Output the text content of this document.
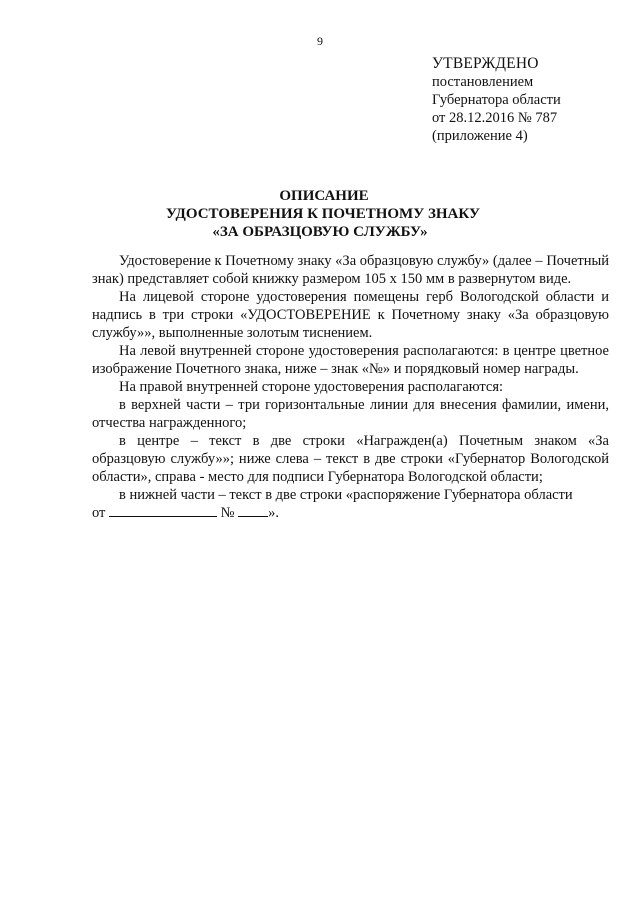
9
УТВЕРЖДЕНО
постановлением
Губернатора области
от 28.12.2016 № 787
(приложение 4)
ОПИСАНИЕ
УДОСТОВЕРЕНИЯ К ПОЧЕТНОМУ ЗНАКУ
«ЗА ОБРАЗЦОВУЮ СЛУЖБУ»

Удостоверение к Почетному знаку «За образцовую службу» (далее – Почетный знак) представляет собой книжку размером 105 х 150 мм в развернутом виде.

На лицевой стороне удостоверения помещены герб Вологодской области и надпись в три строки «УДОСТОВЕРЕНИЕ к Почетному знаку «За образцовую службу»», выполненные золотым тиснением.

На левой внутренней стороне удостоверения располагаются: в центре цветное изображение Почетного знака, ниже – знак «№» и порядковый номер награды.

На правой внутренней стороне удостоверения располагаются:

в верхней части – три горизонтальные линии для внесения фамилии, имени, отчества награжденного;

в центре – текст в две строки «Награжден(а) Почетным знаком «За образцовую службу»»; ниже слева – текст в две строки «Губернатор Вологодской области», справа - место для подписи Губернатора Вологодской области;

в нижней части – текст в две строки «распоряжение Губернатора области

от	№ ».
